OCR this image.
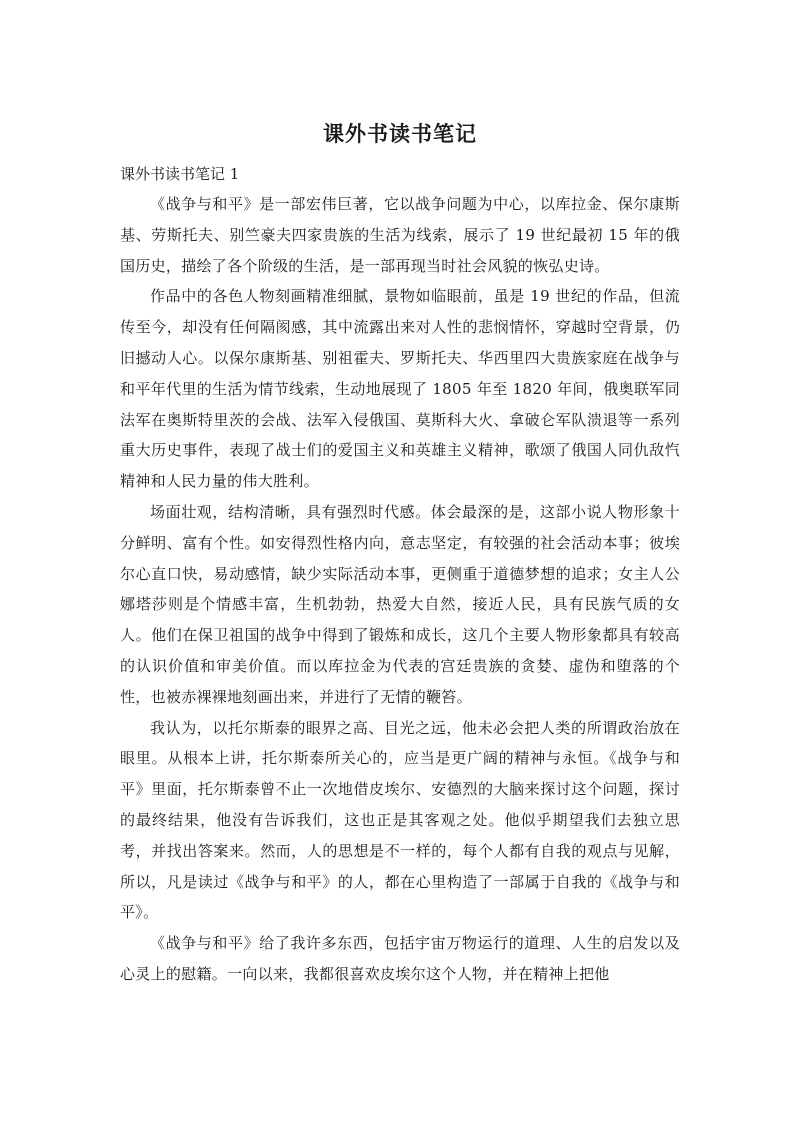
课外书读书笔记

课外书读书笔记 1

《战争与和平》是一部宏伟巨著，它以战争问题为中心，以库拉金、保尔康斯基、劳斯托夫、别竺豪夫四家贵族的生活为线索，展示了 19 世纪最初 15 年的俄国历史，描绘了各个阶级的生活，是一部再现当时社会风貌的恢弘史诗。

作品中的各色人物刻画精准细腻，景物如临眼前，虽是 19 世纪的作品，但流传至今，却没有任何隔阂感，其中流露出来对人性的悲悯情怀，穿越时空背景，仍旧撼动人心。以保尔康斯基、别祖霍夫、罗斯托夫、华西里四大贵族家庭在战争与和平年代里的生活为情节线索，生动地展现了 1805 年至 1820 年间，俄奥联军同法军在奥斯特里茨的会战、法军入侵俄国、莫斯科大火、拿破仑军队溃退等一系列重大历史事件，表现了战士们的爱国主义和英雄主义精神，歌颂了俄国人同仇敌忾精神和人民力量的伟大胜利。

场面壮观，结构清晰，具有强烈时代感。体会最深的是，这部小说人物形象十分鲜明、富有个性。如安得烈性格内向，意志坚定，有较强的社会活动本事；彼埃尔心直口快，易动感情，缺少实际活动本事，更侧重于道德梦想的追求；女主人公娜塔莎则是个情感丰富，生机勃勃，热爱大自然，接近人民，具有民族气质的女人。他们在保卫祖国的战争中得到了锻炼和成长，这几个主要人物形象都具有较高的认识价值和审美价值。而以库拉金为代表的宫廷贵族的贪婪、虚伪和堕落的个性，也被赤裸裸地刻画出来，并进行了无情的鞭笞。

我认为，以托尔斯泰的眼界之高、目光之远，他未必会把人类的所谓政治放在眼里。从根本上讲，托尔斯泰所关心的，应当是更广阔的精神与永恒。《战争与和平》里面，托尔斯泰曾不止一次地借皮埃尔、安德烈的大脑来探讨这个问题，探讨的最终结果，他没有告诉我们，这也正是其客观之处。他似乎期望我们去独立思考，并找出答案来。然而，人的思想是不一样的，每个人都有自我的观点与见解，所以，凡是读过《战争与和平》的人，都在心里构造了一部属于自我的《战争与和平》。

《战争与和平》给了我许多东西，包括宇宙万物运行的道理、人生的启发以及心灵上的慰籍。一向以来，我都很喜欢皮埃尔这个人物，并在精神上把他
